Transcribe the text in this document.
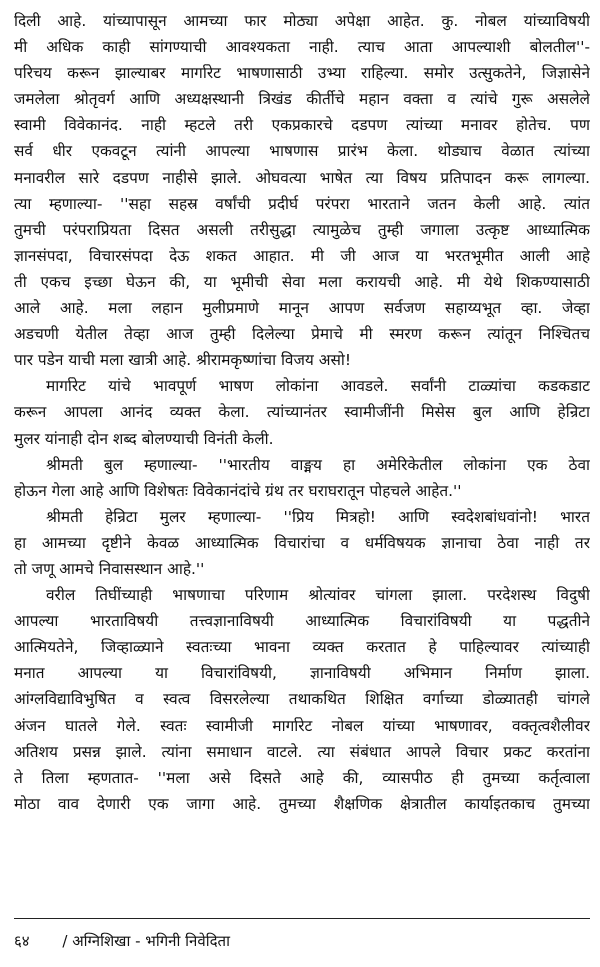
दिली आहे. यांच्यापासून आमच्या फार मोठ्या अपेक्षा आहेत. कु. नोबल यांच्याविषयी
मी अधिक काही सांगण्याची आवश्यकता नाही. त्याच आता आपल्याशी बोलतील''-
परिचय करून झाल्याबर मार्गारेट भाषणासाठी उभ्या राहिल्या. समोर उत्सुकतेने, जिज्ञासेने
जमलेला श्रोतृवर्ग आणि अध्यक्षस्थानी त्रिखंड कीर्तीचे महान वक्ता व त्यांचे गुरू असलेले
स्वामी विवेकानंद. नाही म्हटले तरी एकप्रकारचे दडपण त्यांच्या मनावर होतेच. पण
सर्व धीर एकवटून त्यांनी आपल्या भाषणास प्रारंभ केला. थोड्याच वेळात त्यांच्या
मनावरील सारे दडपण नाहीसे झाले. ओघवत्या भाषेत त्या विषय प्रतिपादन करू लागल्या.
त्या म्हणाल्या- ''सहा सहस्र वर्षांची प्रदीर्घ परंपरा भारताने जतन केली आहे. त्यांत
तुमची परंपराप्रियता दिसत असली तरीसुद्धा त्यामुळेच तुम्ही जगाला उत्कृष्ट आध्यात्मिक
ज्ञानसंपदा, विचारसंपदा देऊ शकत आहात. मी जी आज या भरतभूमीत आली आहे
ती एकच इच्छा घेऊन की, या भूमीची सेवा मला करायची आहे. मी येथे शिकण्यासाठी
आले आहे. मला लहान मुलीप्रमाणे मानून आपण सर्वजण सहाय्यभूत व्हा. जेव्हा
अडचणी येतील तेव्हा आज तुम्ही दिलेल्या प्रेमाचे मी स्मरण करून त्यांतून निश्चितच
पार पडेन याची मला खात्री आहे. श्रीरामकृष्णांचा विजय असो!
मार्गारेट यांचे भावपूर्ण भाषण लोकांना आवडले. सर्वांनी टाळ्यांचा कडकडाट
करून आपला आनंद व्यक्त केला. त्यांच्यानंतर स्वामीजींनी मिसेस बुल आणि हेन्रिटा
मुलर यांनाही दोन शब्द बोलण्याची विनंती केली.
श्रीमती बुल म्हणाल्या- ''भारतीय वाङ्मय हा अमेरिकेतील लोकांना एक ठेवा
होऊन गेला आहे आणि विशेषतः विवेकानंदांचे ग्रंथ तर घराघरातून पोहचले आहेत.''
श्रीमती हेन्रिटा मुलर म्हणाल्या- ''प्रिय मित्रहो! आणि स्वदेशबांधवांनो! भारत
हा आमच्या दृष्टीने केवळ आध्यात्मिक विचारांचा व धर्मविषयक ज्ञानाचा ठेवा नाही तर
तो जणू आमचे निवासस्थान आहे.''
वरील तिघींच्याही भाषणाचा परिणाम श्रोत्यांवर चांगला झाला. परदेशस्थ विदुषी
आपल्या भारताविषयी तत्त्वज्ञानाविषयी आध्यात्मिक विचारांविषयी या पद्धतीने
आत्मियतेने, जिव्हाळ्याने स्वतःच्या भावना व्यक्त करतात हे पाहिल्यावर त्यांच्याही
मनात आपल्या या विचारांविषयी, ज्ञानाविषयी अभिमान निर्माण झाला.
आंग्लविद्याविभुषित व स्वत्व विसरलेल्या तथाकथित शिक्षित वर्गाच्या डोळ्यातही चांगले
अंजन घातले गेले. स्वतः स्वामीजी मार्गारेट नोबल यांच्या भाषणावर, वक्तृत्वशैलीवर
अतिशय प्रसन्न झाले. त्यांना समाधान वाटले. त्या संबंधात आपले विचार प्रकट करतांना
ते तिला म्हणतात- ''मला असे दिसते आहे की, व्यासपीठ ही तुमच्या कर्तृत्वाला
मोठा वाव देणारी एक जागा आहे. तुमच्या शैक्षणिक क्षेत्रातील कार्याइतकाच तुमच्या
६४ / अग्निशिखा - भगिनी निवेदिता
